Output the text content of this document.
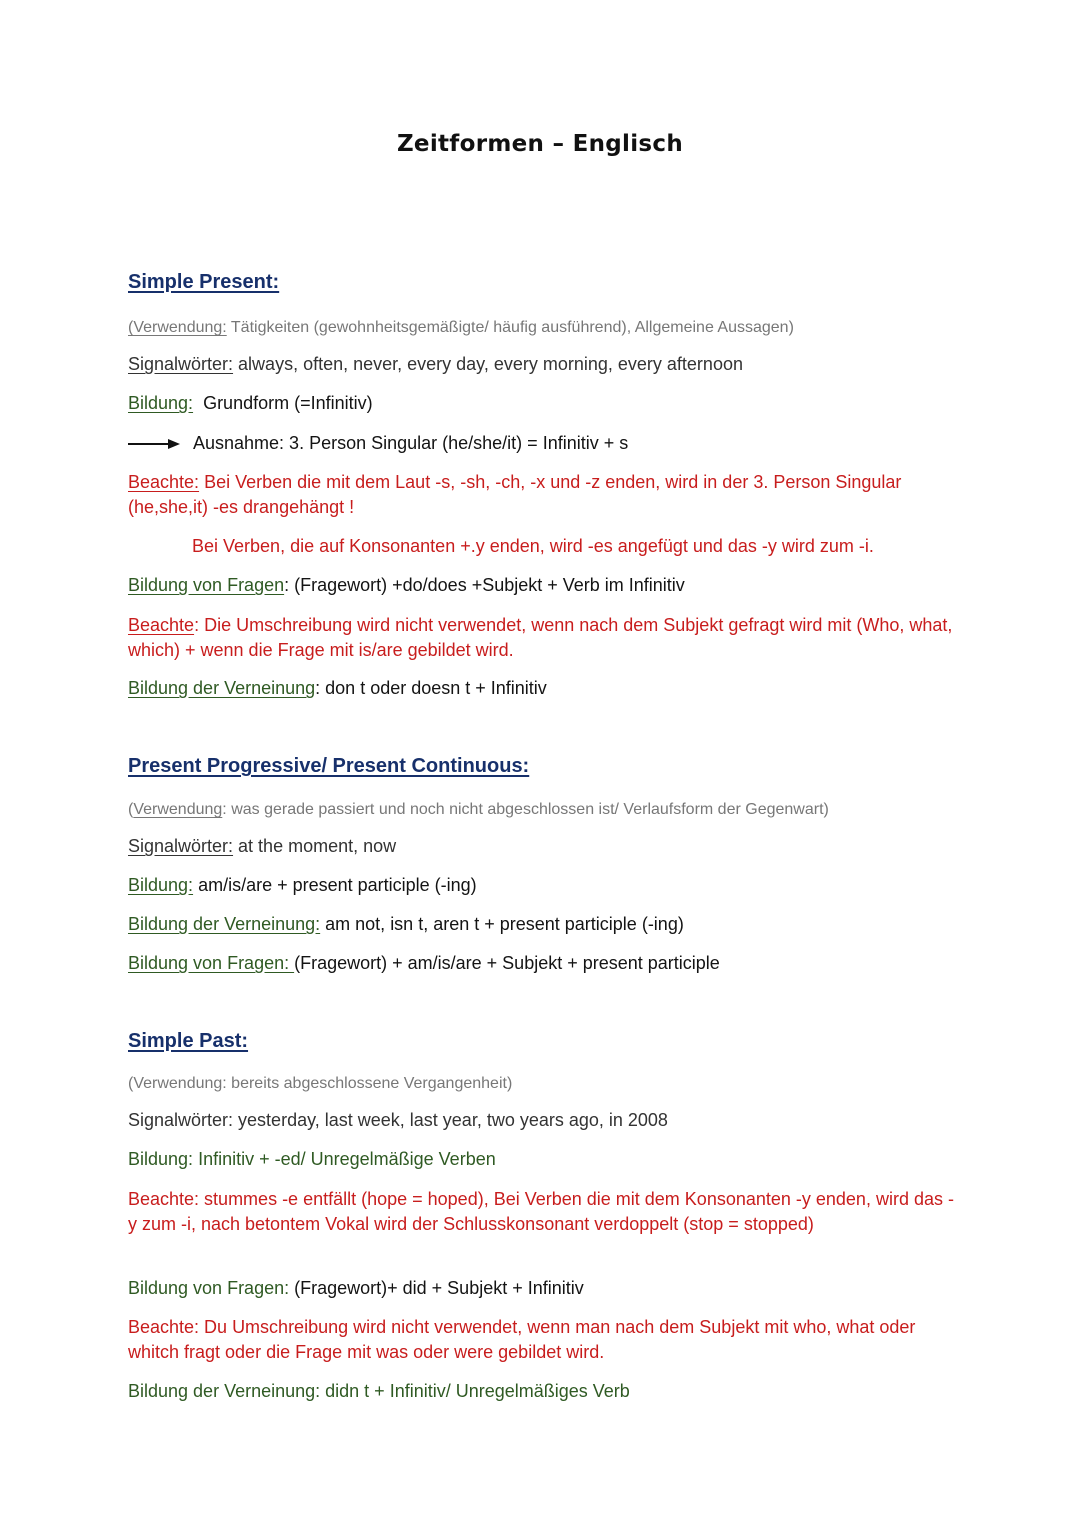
Zeitformen – Englisch
Simple Present:
(Verwendung: Tätigkeiten (gewohnheitsgemäßigte/ häufig ausführend), Allgemeine Aussagen)
Signalwörter: always, often, never, every day, every morning, every afternoon
Bildung:  Grundform (=Infinitiv)
Ausnahme: 3. Person Singular (he/she/it) = Infinitiv + s
Beachte: Bei Verben die mit dem Laut -s, -sh, -ch, -x und -z enden, wird in der 3. Person Singular (he,she,it) -es drangehängt !
Bei Verben, die auf Konsonanten +.y enden, wird -es angefügt und das -y wird zum -i.
Bildung von Fragen: (Fragewort) +do/does +Subjekt + Verb im Infinitiv
Beachte: Die Umschreibung wird nicht verwendet, wenn nach dem Subjekt gefragt wird mit (Who, what, which) + wenn die Frage mit is/are gebildet wird.
Bildung der Verneinung: don t oder doesn t + Infinitiv
Present Progressive/ Present Continuous:
(Verwendung: was gerade passiert und noch nicht abgeschlossen ist/ Verlaufsform der Gegenwart)
Signalwörter: at the moment, now
Bildung: am/is/are + present participle (-ing)
Bildung der Verneinung: am not, isn t, aren t + present participle (-ing)
Bildung von Fragen: (Fragewort) + am/is/are + Subjekt + present participle
Simple Past:
(Verwendung: bereits abgeschlossene Vergangenheit)
Signalwörter: yesterday, last week, last year, two years ago, in 2008
Bildung: Infinitiv + -ed/ Unregelmäßige Verben
Beachte: stummes -e entfällt (hope = hoped), Bei Verben die mit dem Konsonanten -y enden, wird das -y zum -i, nach betontem Vokal wird der Schlusskonsonant verdoppelt (stop = stopped)
Bildung von Fragen: (Fragewort)+ did + Subjekt + Infinitiv
Beachte: Du Umschreibung wird nicht verwendet, wenn man nach dem Subjekt mit who, what oder whitch fragt oder die Frage mit was oder were gebildet wird.
Bildung der Verneinung: didn t + Infinitiv/ Unregelmäßiges Verb
